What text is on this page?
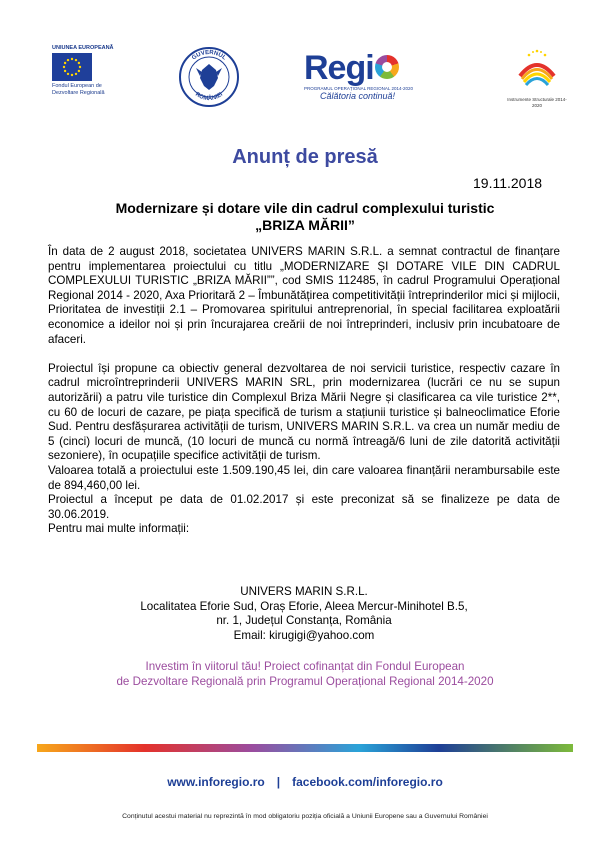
UNIUNEA EUROPEANĂ
Fondul European de Dezvoltare Regională
GUVERNUL
ROMÂNIEI
Regi
PROGRAMUL OPERAȚIONAL REGIONAL 2014-2020
Călătoria continuă!	Instrumente Structurale 2014-2020
Anunț de presă
19.11.2018
Modernizare și dotare vile din cadrul complexului turistic
„BRIZA MĂRII”

În data de 2 august 2018, societatea UNIVERS MARIN S.R.L. a semnat contractul de finanțare pentru implementarea proiectului cu titlu „MODERNIZARE ȘI DOTARE VILE DIN CADRUL COMPLEXULUI TURISTIC „BRIZA MĂRII””, cod SMIS 112485, în cadrul Programului Operațional Regional 2014 - 2020, Axa Prioritară 2 – Îmbunătățirea competitivității întreprinderilor mici și mijlocii, Prioritatea de investiții 2.1 – Promovarea spiritului antreprenorial, în special facilitarea exploatării economice a ideilor noi și prin încurajarea creării de noi întreprinderi, inclusiv prin incubatoare de afaceri.

Proiectul își propune ca obiectiv general dezvoltarea de noi servicii turistice, respectiv cazare în cadrul microîntreprinderii UNIVERS MARIN SRL, prin modernizarea (lucrări ce nu se supun autorizării) a patru vile turistice din Complexul Briza Mării Negre și clasificarea ca vile turistice 2**, cu 60 de locuri de cazare, pe piața specifică de turism a stațiunii turistice și balneoclimatice Eforie Sud. Pentru desfășurarea activității de turism, UNIVERS MARIN S.R.L. va crea un număr mediu de 5 (cinci) locuri de muncă, (10 locuri de muncă cu normă întreagă/6 luni de zile datorită activității sezoniere), în ocupațiile specifice activității de turism.

Valoarea totală a proiectului este 1.509.190,45 lei, din care valoarea finanțării nerambursabile este de 894,460,00 lei.

Proiectul a început pe data de 01.02.2017 și este preconizat să se finalizeze pe data de 30.06.2019.

Pentru mai multe informații:

UNIVERS MARIN S.R.L.
Localitatea Eforie Sud, Oraș Eforie, Aleea Mercur-Minihotel B.5,
nr. 1, Județul Constanța, România
Email: kirugigi@yahoo.com
Investim în viitorul tău! Proiect cofinanțat din Fondul European
de Dezvoltare Regională prin Programul Operațional Regional 2014-2020
www.inforegio.ro | facebook.com/inforegio.ro
Conținutul acestui material nu reprezintă în mod obligatoriu poziția oficială a Uniunii Europene sau a Guvernului României
